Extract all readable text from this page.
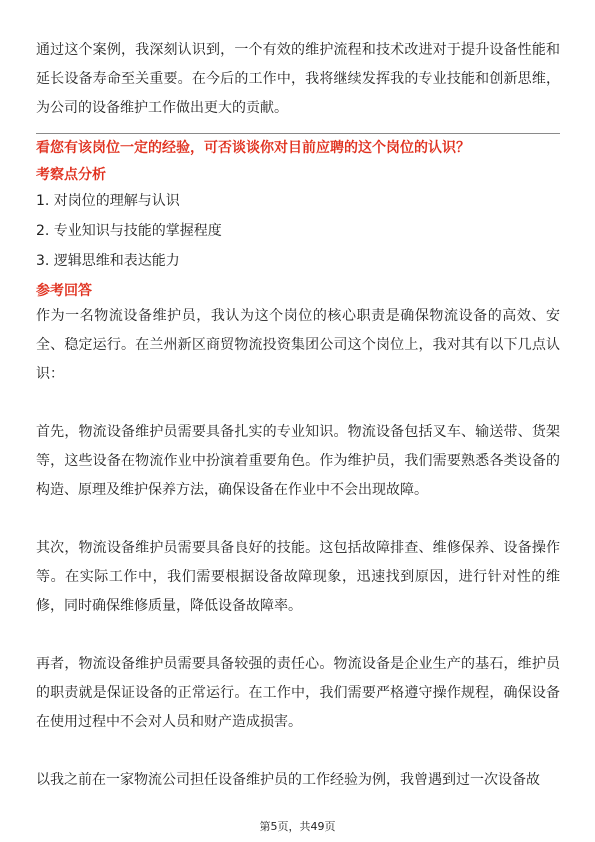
通过这个案例，我深刻认识到，一个有效的维护流程和技术改进对于提升设备性能和延长设备寿命至关重要。在今后的工作中，我将继续发挥我的专业技能和创新思维，为公司的设备维护工作做出更大的贡献。

看您有该岗位一定的经验，可否谈谈你对目前应聘的这个岗位的认识？
考察点分析
1. 对岗位的理解与认识
2. 专业知识与技能的掌握程度
3. 逻辑思维和表达能力
参考回答

作为一名物流设备维护员，我认为这个岗位的核心职责是确保物流设备的高效、安全、稳定运行。在兰州新区商贸物流投资集团公司这个岗位上，我对其有以下几点认识：

首先，物流设备维护员需要具备扎实的专业知识。物流设备包括叉车、输送带、货架等，这些设备在物流作业中扮演着重要角色。作为维护员，我们需要熟悉各类设备的构造、原理及维护保养方法，确保设备在作业中不会出现故障。

其次，物流设备维护员需要具备良好的技能。这包括故障排查、维修保养、设备操作等。在实际工作中，我们需要根据设备故障现象，迅速找到原因，进行针对性的维修，同时确保维修质量，降低设备故障率。

再者，物流设备维护员需要具备较强的责任心。物流设备是企业生产的基石，维护员的职责就是保证设备的正常运行。在工作中，我们需要严格遵守操作规程，确保设备在使用过程中不会对人员和财产造成损害。

以我之前在一家物流公司担任设备维护员的工作经验为例，我曾遇到过一次设备故

第5页，共49页
